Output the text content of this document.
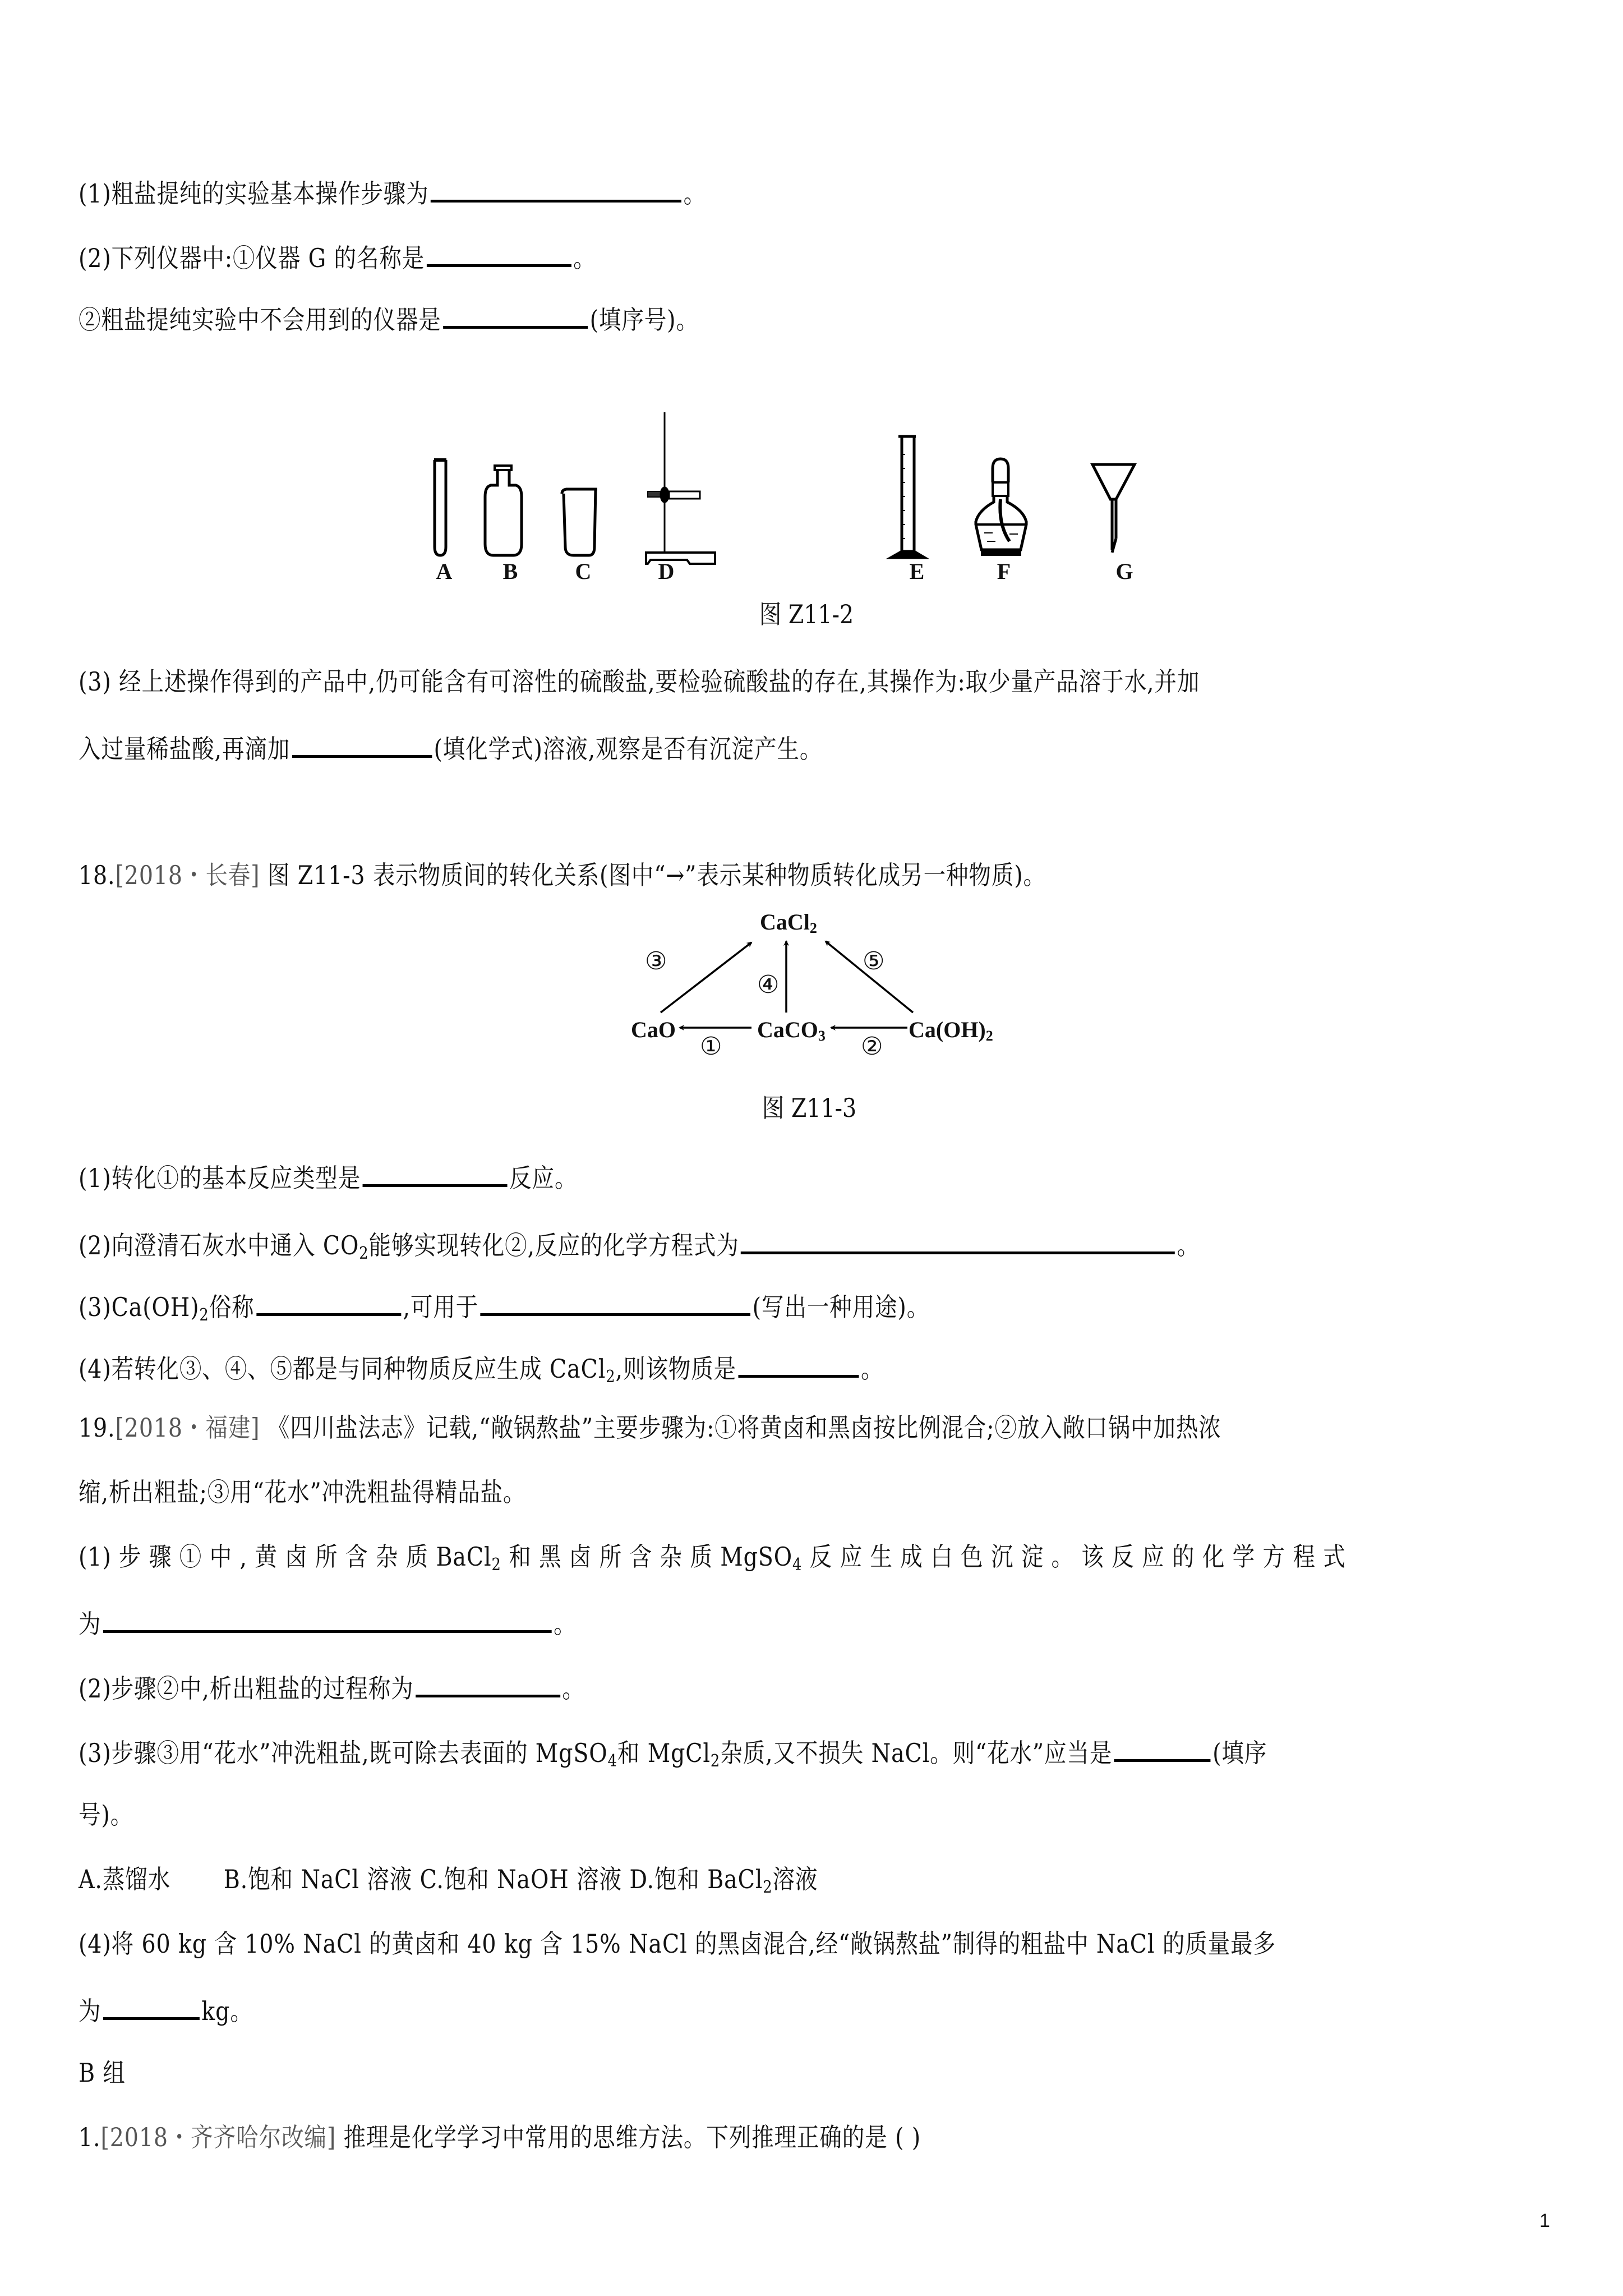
(1)粗盐提纯的实验基本操作步骤为	。
(2)下列仪器中:①仪器 G 的名称是	。
②粗盐提纯实验中不会用到的仪器是	(填序号)。
A	B	C	D	E	F	G
图 Z11-2
(3) 经上述操作得到的产品中,仍可能含有可溶性的硫酸盐,要检验硫酸盐的存在,其操作为:取少量产品溶于水,并加
入过量稀盐酸,再滴加	(填化学式)溶液,观察是否有沉淀产生。
18.[2018・长春] 图 Z11-3 表示物质间的转化关系(图中“→”表示某种物质转化成另一种物质)。
CaCl$_2$
CaO	CaCO$_3$	$Ca(OH)_2$
③
④
⑤
①	②
图 Z11-3
(1)转化①的基本反应类型是	反应。
(2)向澄清石灰水中通入 $CO_2$能够实现转化②,反应的化学方程式为	。
$(3)Ca(OH)_2$俗称	,可用于	(写出一种用途)。
(4)若转化③、④、⑤都是与同种物质反应生成 CaCl$_2$,则该物质是	。
19.[2018・福建] 《四川盐法志》记载,“敞锅熬盐”主要步骤为:①将黄卤和黑卤按比例混合;②放入敞口锅中加热浓
缩,析出粗盐;③用“花水”冲洗粗盐得精品盐。
(1) 步 骤 ① 中 , 黄 卤 所 含 杂 质 BaCl$_2$ 和 黑 卤 所 含 杂 质 MgSO$_4$ 反 应 生 成 白 色 沉 淀 。 该 反 应 的 化 学 方 程 式
为	。
(2)步骤②中,析出粗盐的过程称为	。
(3)步骤③用“花水”冲洗粗盐,既可除去表面的 MgSO$_4$和 MgCl$_2$杂质,又不损失 NaCl。则“花水”应当是	(填序
号)。
A.蒸馏水 B.饱和 NaCl 溶液 C.饱和 NaOH 溶液 D.饱和 BaCl$_2$溶液
(4)将 60 kg 含 10% NaCl 的黄卤和 40 kg 含 15% NaCl 的黑卤混合,经“敞锅熬盐”制得的粗盐中 NaCl 的质量最多
为	kg。
B 组
1.[2018・齐齐哈尔改编] 推理是化学学习中常用的思维方法。下列推理正确的是 ( )
1
